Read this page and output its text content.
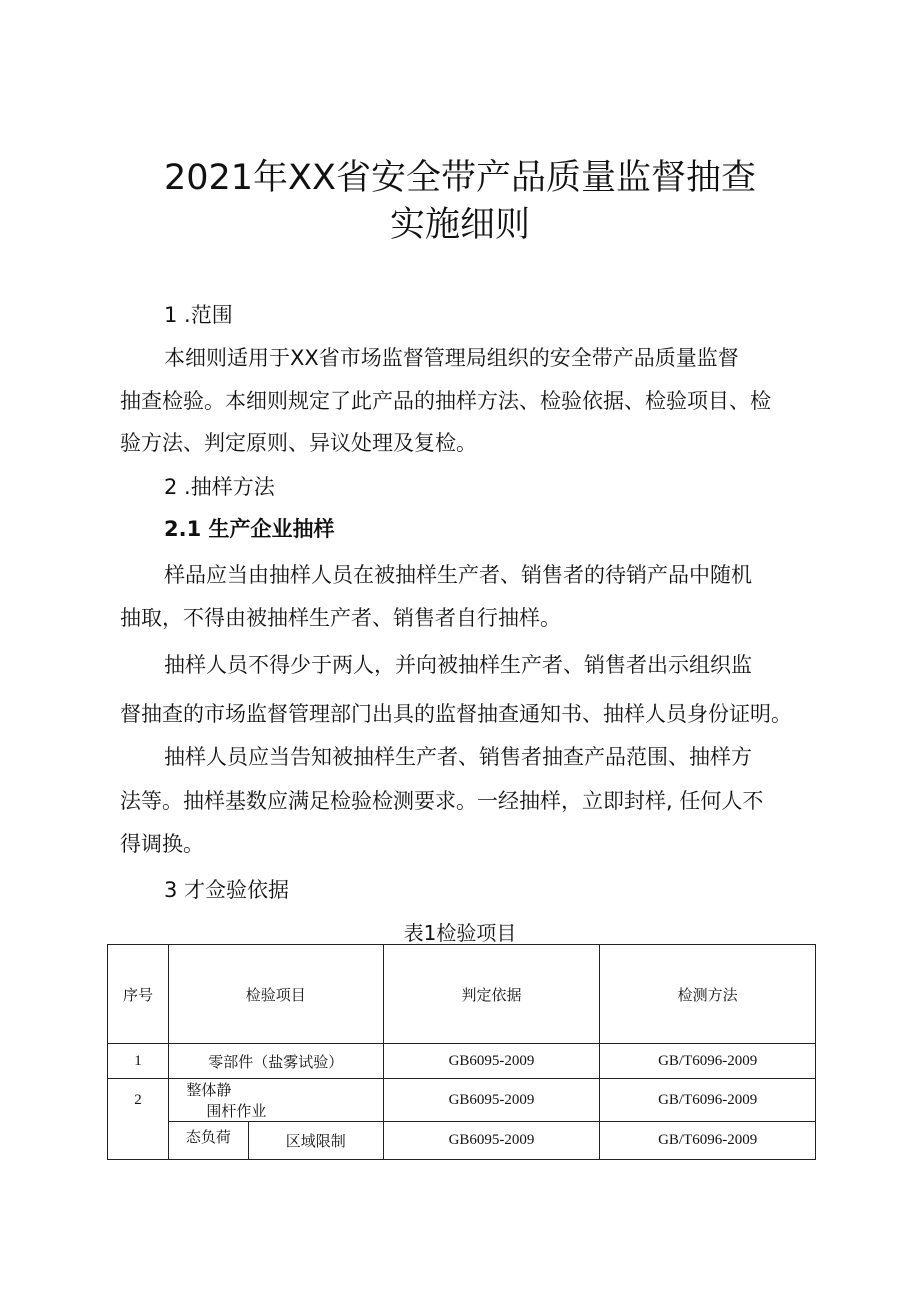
2021年XX省安全带产品质量监督抽查
实施细则
1 .范围
本细则适用于XX省市场监督管理局组织的安全带产品质量监督
抽查检验。本细则规定了此产品的抽样方法、检验依据、检验项目、检
验方法、判定原则、异议处理及复检。
2 .抽样方法
2.1 生产企业抽样
样品应当由抽样人员在被抽样生产者、销售者的待销产品中随机
抽取，不得由被抽样生产者、销售者自行抽样。
抽样人员不得少于两人，并向被抽样生产者、销售者出示组织监
督抽查的市场监督管理部门出具的监督抽查通知书、抽样人员身份证明。
抽样人员应当告知被抽样生产者、销售者抽查产品范围、抽样方
法等。抽样基数应满足检验检测要求。一经抽样，立即封样, 任何人不
得调换。
3 才佥验依据
表1检验项目
序号	检验项目		判定依据	检测方法
1	零部件（盐雾试验）		GB6095-2009	GB/T6096-2009
2	整体静围杆作业		GB6095-2009	GB/T6096-2009
	态负荷	区域限制	GB6095-2009	GB/T6096-2009
